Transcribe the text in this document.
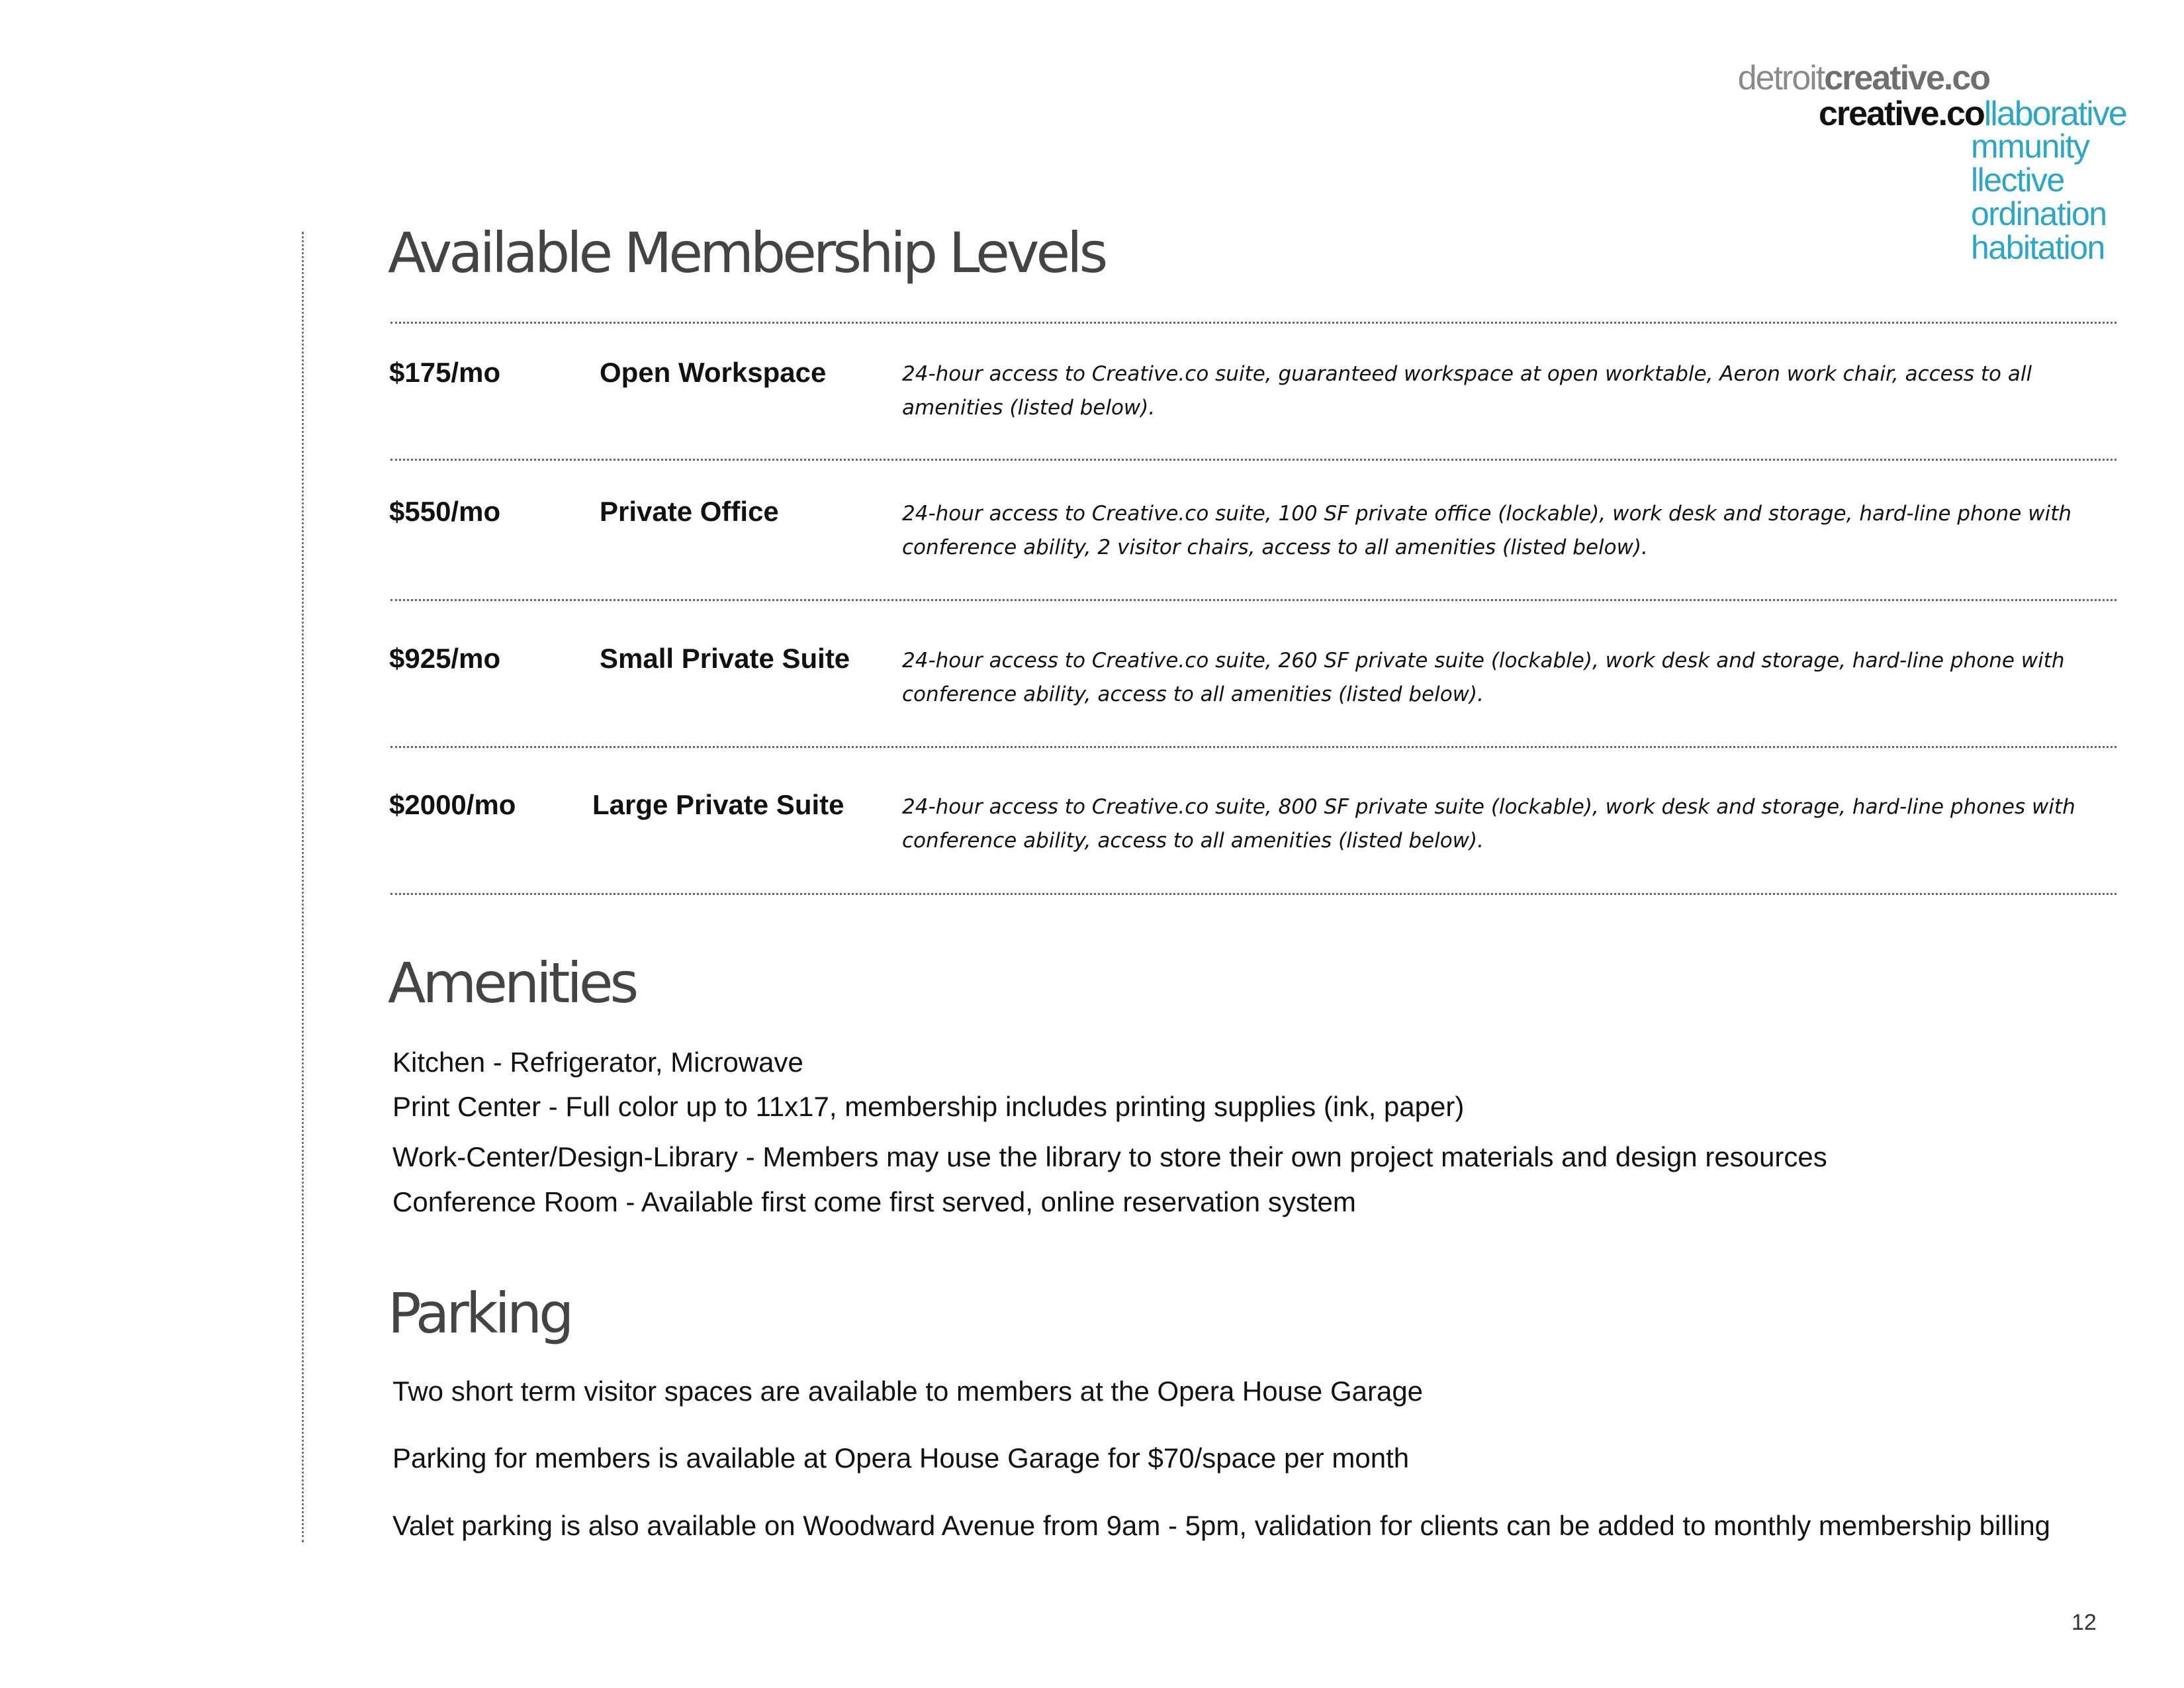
detroitcreative.co
creative.collaborative
mmunity
llective
ordination
habitation
Available Membership Levels
$175/mo	Open Workspace	24-hour access to Creative.co suite, guaranteed workspace at open worktable, Aeron work chair, access to all amenities (listed below).
$550/mo	Private Office	24-hour access to Creative.co suite, 100 SF private office (lockable), work desk and storage, hard-line phone with conference ability, 2 visitor chairs, access to all amenities (listed below).
$925/mo	Small Private Suite	24-hour access to Creative.co suite, 260 SF private suite (lockable), work desk and storage, hard-line phone with conference ability, access to all amenities (listed below).
$2000/mo	Large Private Suite	24-hour access to Creative.co suite, 800 SF private suite (lockable), work desk and storage, hard-line phones with conference ability, access to all amenities (listed below).
Amenities
Kitchen - Refrigerator, Microwave
Print Center - Full color up to 11x17, membership includes printing supplies (ink, paper)
Work-Center/Design-Library - Members may use the library to store their own project materials and design resources
Conference Room - Available first come first served, online reservation system
Parking
Two short term visitor spaces are available to members at the Opera House Garage
Parking for members is available at Opera House Garage for $70/space per month
Valet parking is also available on Woodward Avenue from 9am - 5pm, validation for clients can be added to monthly membership billing
12
